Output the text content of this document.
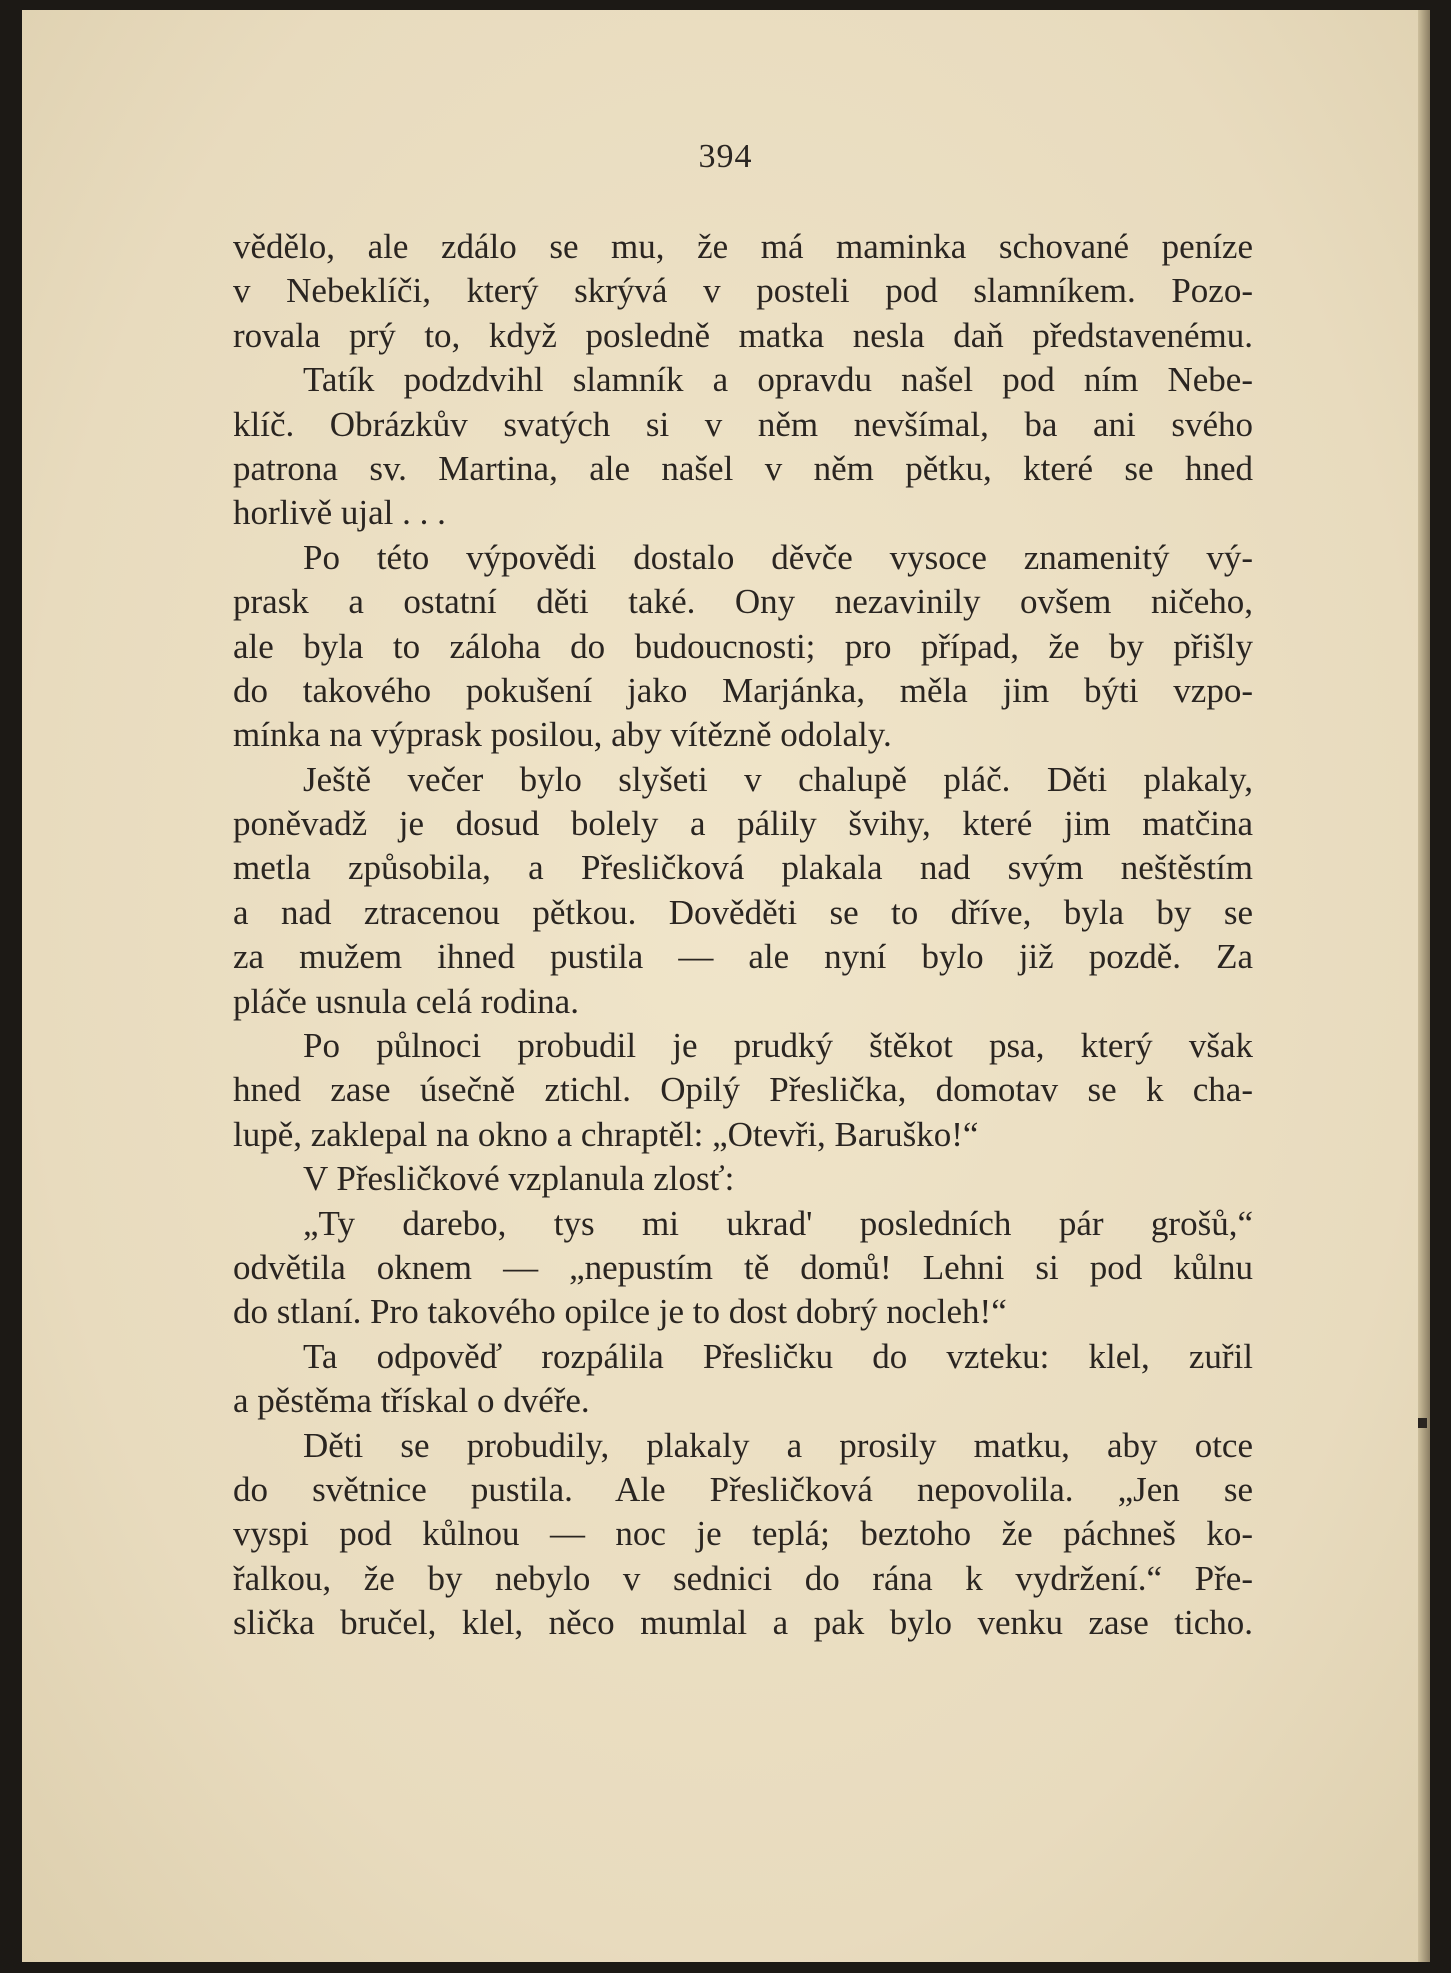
394
vědělo, ale zdálo se mu, že má maminka schované peníze
v Nebeklíči, který skrývá v posteli pod slamníkem. Pozo-
rovala prý to, když posledně matka nesla daň představenému.
Tatík podzdvihl slamník a opravdu našel pod ním Nebe-
klíč. Obrázkův svatých si v něm nevšímal, ba ani svého
patrona sv. Martina, ale našel v něm pětku, které se hned
horlivě ujal . . .
Po této výpovědi dostalo děvče vysoce znamenitý vý-
prask a ostatní děti také. Ony nezavinily ovšem ničeho,
ale byla to záloha do budoucnosti; pro případ, že by přišly
do takového pokušení jako Marjánka, měla jim býti vzpo-
mínka na výprask posilou, aby vítězně odolaly.
Ještě večer bylo slyšeti v chalupě pláč. Děti plakaly,
poněvadž je dosud bolely a pálily švihy, které jim matčina
metla způsobila, a Přesličková plakala nad svým neštěstím
a nad ztracenou pětkou. Dověděti se to dříve, byla by se
za mužem ihned pustila — ale nyní bylo již pozdě. Za
pláče usnula celá rodina.
Po půlnoci probudil je prudký štěkot psa, který však
hned zase úsečně ztichl. Opilý Přeslička, domotav se k cha-
lupě, zaklepal na okno a chraptěl: „Otevři, Baruško!“
V Přesličkové vzplanula zlosť:
„Ty darebo, tys mi ukrad' posledních pár grošů,“
odvětila oknem — „nepustím tě domů! Lehni si pod kůlnu
do stlaní. Pro takového opilce je to dost dobrý nocleh!“
Ta odpověď rozpálila Přesličku do vzteku: klel, zuřil
a pěstěma třískal o dvéře.
Děti se probudily, plakaly a prosily matku, aby otce
do světnice pustila. Ale Přesličková nepovolila. „Jen se
vyspi pod kůlnou — noc je teplá; beztoho že páchneš ko-
řalkou, že by nebylo v sednici do rána k vydržení.“ Pře-
slička bručel, klel, něco mumlal a pak bylo venku zase ticho.
